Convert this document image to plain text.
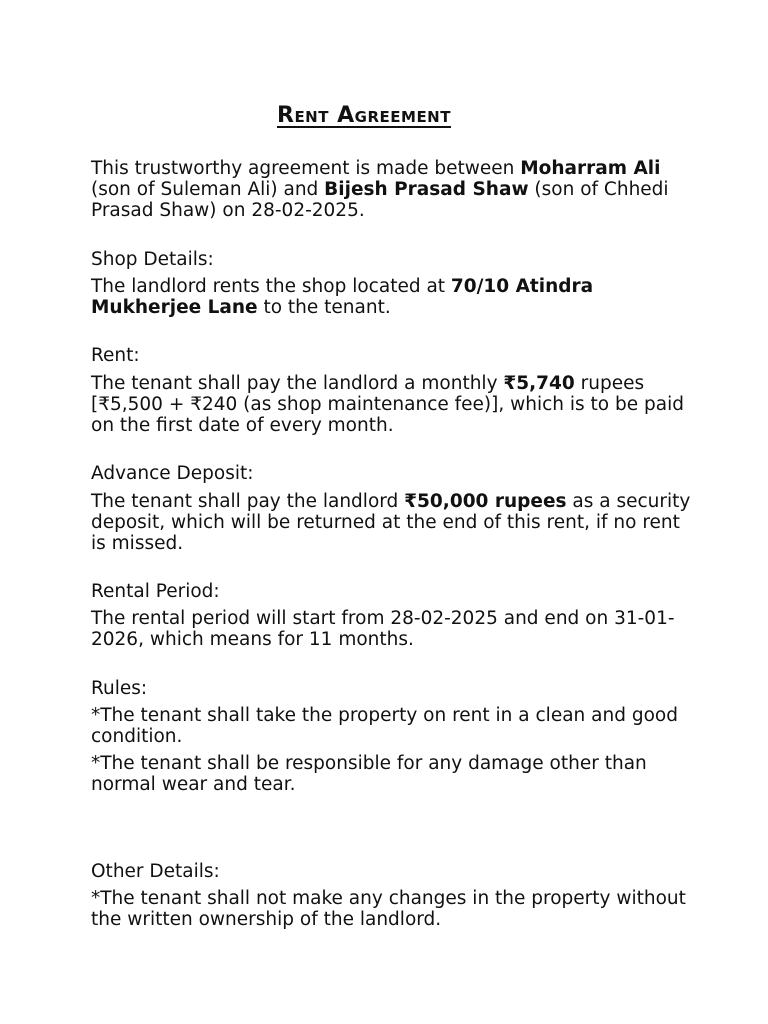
Rent Agreement

This trustworthy agreement is made between Moharram Ali (son of Suleman Ali) and Bijesh Prasad Shaw (son of Chhedi Prasad Shaw) on 28-02-2025.

Shop Details:

The landlord rents the shop located at 70/10 Atindra Mukherjee Lane to the tenant.

Rent:

The tenant shall pay the landlord a monthly ₹5,740 rupees [₹5,500 + ₹240 (as shop maintenance fee)], which is to be paid on the first date of every month.

Advance Deposit:

The tenant shall pay the landlord ₹50,000 rupees as a security deposit, which will be returned at the end of this rent, if no rent is missed.

Rental Period:

The rental period will start from 28-02-2025 and end on 31-01-2026, which means for 11 months.

Rules:

*The tenant shall take the property on rent in a clean and good condition.

*The tenant shall be responsible for any damage other than normal wear and tear.

Other Details:

*The tenant shall not make any changes in the property without the written ownership of the landlord.
